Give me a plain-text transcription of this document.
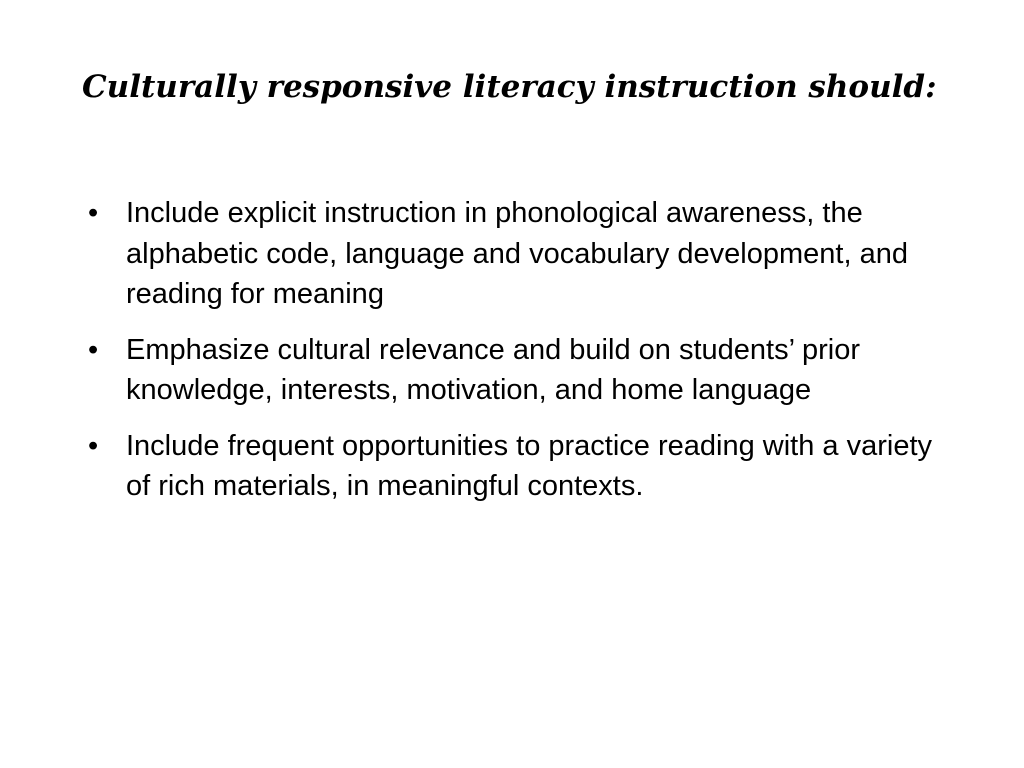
Culturally responsive literacy instruction should:
• Include explicit instruction in phonological awareness, the alphabetic code, language and vocabulary development, and reading for meaning
• Emphasize cultural relevance and build on students’ prior knowledge, interests, motivation, and home language
• Include frequent opportunities to practice reading with a variety of rich materials, in meaningful contexts.
